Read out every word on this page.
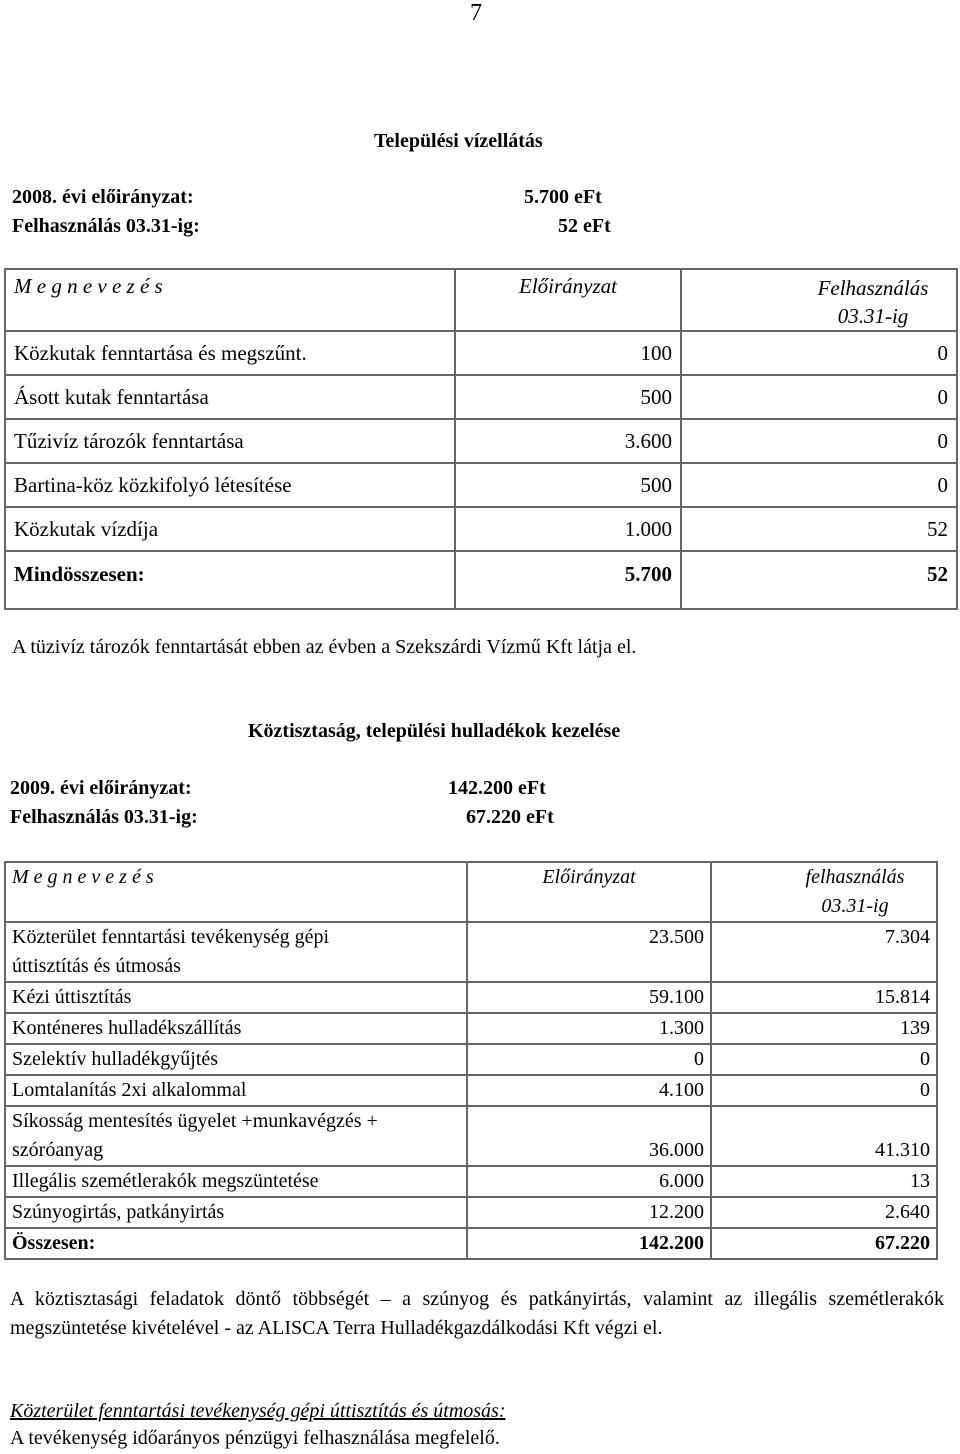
7
Települési vízellátás
2008. évi előirányzat:	5.700 eFt
Felhasználás 03.31-ig:	52 eFt
M e g n e v e z é s	Előirányzat	Felhasználás 03.31-ig
Közkutak fenntartása és megszűnt.	100	0
Ásott kutak fenntartása	500	0
Tűzivíz tározók fenntartása	3.600	0
Bartina-köz közkifolyó létesítése	500	0
Közkutak vízdíja	1.000	52
Mindösszesen:	5.700	52
A tüzivíz tározók fenntartását ebben az évben a Szekszárdi Vízmű Kft látja el.
Köztisztaság, települési hulladékok kezelése
2009. évi előirányzat:	142.200 eFt
Felhasználás 03.31-ig:	67.220 eFt
M e g n e v e z é s	Előirányzat	felhasználás 03.31-ig
Közterület fenntartási tevékenység gépi úttisztítás és útmosás	23.500	7.304
Kézi úttisztítás	59.100	15.814
Konténeres hulladékszállítás	1.300	139
Szelektív hulladékgyűjtés	0	0
Lomtalanítás 2xi alkalommal	4.100	0
Síkosság mentesítés ügyelet +munkavégzés + szóróanyag	36.000	41.310
Illegális szemétlerakók megszüntetése	6.000	13
Szúnyogirtás, patkányirtás	12.200	2.640
Összesen:	142.200	67.220
A köztisztasági feladatok döntő többségét – a szúnyog és patkányirtás, valamint az illegális szemétlerakók megszüntetése kivételével - az ALISCA Terra Hulladékgazdálkodási Kft végzi el.
Közterület fenntartási tevékenység gépi úttisztítás és útmosás:
A tevékenység időarányos pénzügyi felhasználása megfelelő.
